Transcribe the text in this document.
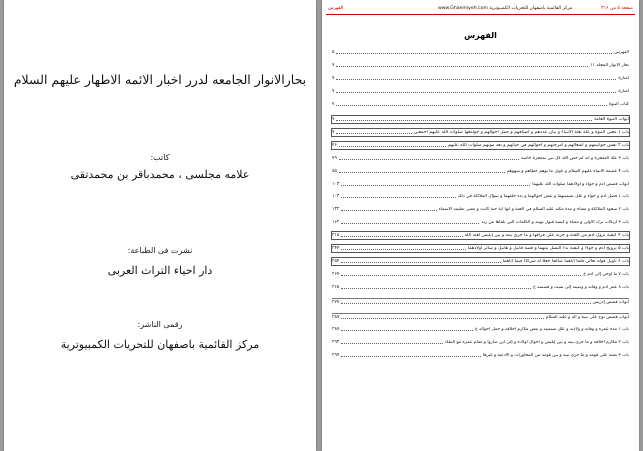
بحارالانوار الجامعه لدرر اخبار الائمه الاطهار علیهم السلام
کاتب:
علامه مجلسی ، محمدباقر بن محمدتقی
نشرت فی الطباعة:
دار احیاء التراث العربی
رقمی الناشر:
مرکز القائمیة باصفهان للتحریات الکمبیوتریة
الفهرس	www.Ghaemiyeh.com مرکز القائمیة باصفهان للتحریات الکمبیوتریة	صفحة ۵ من ۳۱۶
الفهرس
الفهرس
۵
بحار الانوار المجلد ۱۱
۷
اشارة
۷
اشارة
۷
کتاب النبوة
۷
أبواب النبوة العامة
۷
باب ۱ معنی النبوة و علة بعثة الأنبياء و بيان عددهم و أصنافهم و جمل أحوالهم و جوامعها صلوات الله عليهم أجمعين
۷
باب ۲ نقش خواتيمهم و أشغالهم و أمزجتهم و أحوالهم في حياتهم و بعد موتهم صلوات الله عليهم
۴۶
باب ۳ علة المعجزة و أنه لم خص الله كل نبي بمعجزة خاصة
۷۹
باب ۴ عصمة الأنبياء عليهم السلام و تأويل ما يوهم خطأهم و سهوهم
۸۵
أبواب قصص آدم و حواء و أولادهما صلوات الله عليهما
۱۰۳
باب ۱ فضل آدم و حواء و علل تسميتهما و بعض أحوالهما و بدء خلقهما و سؤال الملائكة في ذلك
۱۰۳
باب ۲ سجود الملائكة و معناه و مدة مكثه عليه السلام في الجنة و أنها أية جنة كانت و معنى تعليمه الأسماء
۱۳۲
باب ۳ ارتكاب ترك الأولى و معناه و كيفية قبول توبته و الكلمات التي تلقاها من ربه
۱۶۲
باب ۴ كيفية نزول آدم من الجنة و حزنه على فراقها و ما جرى بينه و بين إبليس لعنه الله
۲۱۸
باب ۵ تزويج آدم و حواء و كيفية بدء النسل منهما و قصة قابيل و هابيل و سائر أولادهما
۲۴۴
باب ۶ تأويل قوله تعالى فلما آتاهما صالحا جعلا له شركاء فيما آتاهما
۲۵۴
باب ۷ ما أوحي إلى آدم ع
۲۶۴
باب ۸ عمر آدم و وفاته و وصيته إلى شيث و قصصه ع
۲۶۵
أبواب قصص إدريس
۲۷۷
أبواب قصص نوح على نبينا و آله و عليه السلام
۲۸۷
باب ۱ مدة عمره و وفاته و ولادته و علل تسميته و بعض مكارم أخلاقه و جمل أحواله ع
۲۸۷
باب ۲ مكارم أخلاقه و ما جرى بينه و بين إبليس و أحوال أولاده و إلى أين صاروا و مقام عمره مع الملك
۲۹۳
باب ۳ بعثته على قومه و ما جرى بينه و بين قومه من المحاورات و الأدعية و غيرها
۲۹۷
